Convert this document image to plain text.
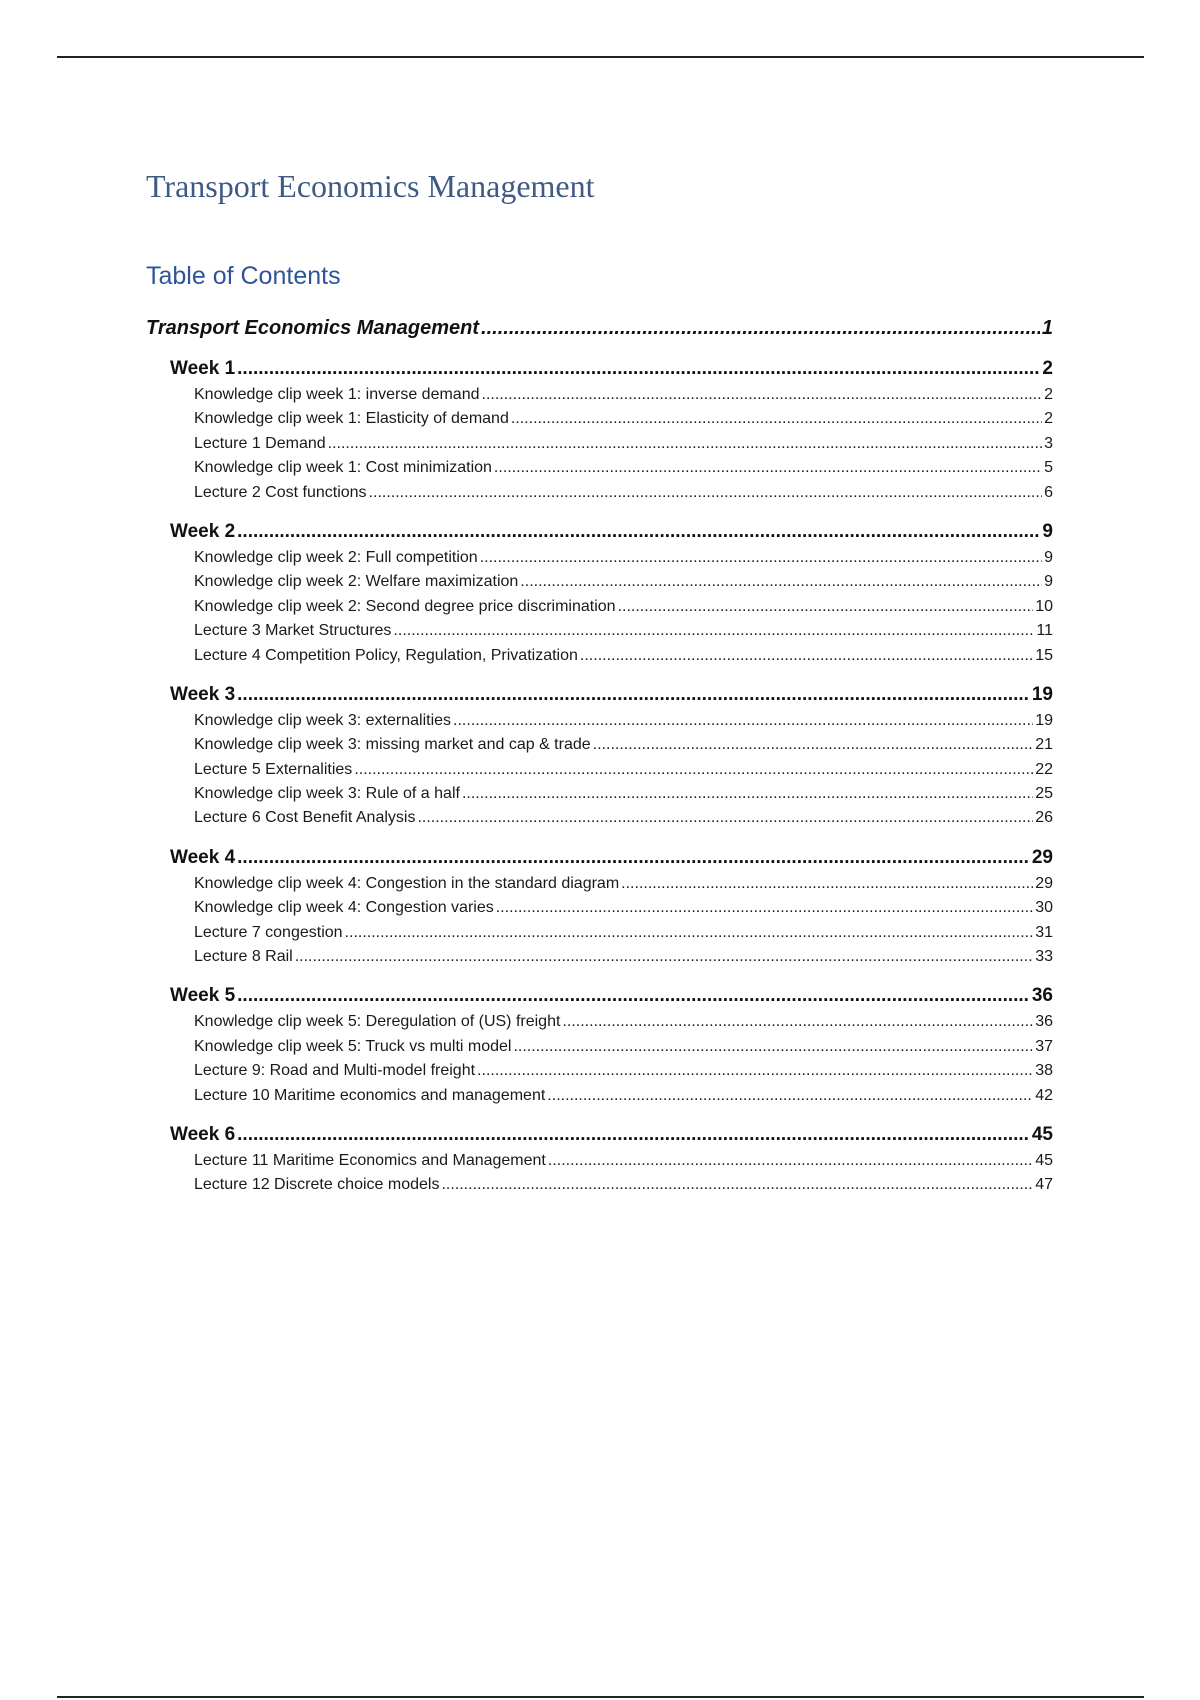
Transport Economics Management
Table of Contents
Transport Economics Management .....	1
Week 1 .....	2
Knowledge clip week 1: inverse demand .....	2
Knowledge clip week 1: Elasticity of demand .....	2
Lecture 1 Demand .....	3
Knowledge clip week 1: Cost minimization .....	5
Lecture 2 Cost functions .....	6
Week 2 .....	9
Knowledge clip week 2: Full competition .....	9
Knowledge clip week 2: Welfare maximization .....	9
Knowledge clip week 2: Second degree price discrimination .....	10
Lecture 3 Market Structures .....	11
Lecture 4 Competition Policy, Regulation, Privatization .....	15
Week 3 .....	19
Knowledge clip week 3: externalities .....	19
Knowledge clip week 3: missing market and cap & trade .....	21
Lecture 5 Externalities .....	22
Knowledge clip week 3: Rule of a half .....	25
Lecture 6 Cost Benefit Analysis .....	26
Week 4 .....	29
Knowledge clip week 4: Congestion in the standard diagram .....	29
Knowledge clip week 4: Congestion varies .....	30
Lecture 7 congestion .....	31
Lecture 8 Rail .....	33
Week 5 .....	36
Knowledge clip week 5: Deregulation of (US) freight .....	36
Knowledge clip week 5: Truck vs multi model .....	37
Lecture 9: Road and Multi-model freight .....	38
Lecture 10 Maritime economics and management .....	42
Week 6 .....	45
Lecture 11 Maritime Economics and Management .....	45
Lecture 12 Discrete choice models .....	47
